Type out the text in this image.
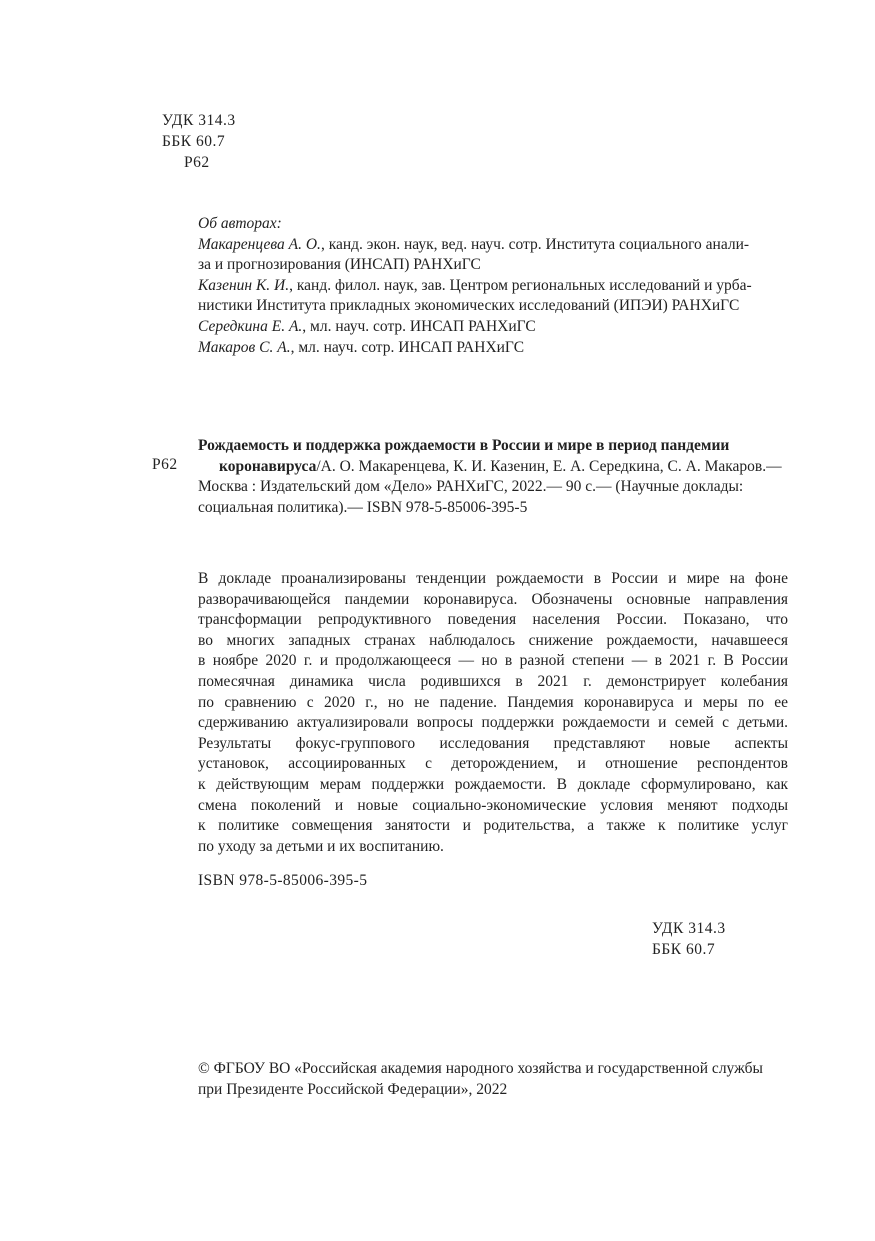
УДК 314.3
ББК 60.7
Р62
Об авторах:
Макаренцева А. О., канд. экон. наук, вед. науч. сотр. Института социального анали-
за и прогнозирования (ИНСАП) РАНХиГС
Казенин К. И., канд. филол. наук, зав. Центром региональных исследований и урба-
нистики Института прикладных экономических исследований (ИПЭИ) РАНХиГС
Середкина Е. А., мл. науч. сотр. ИНСАП РАНХиГС
Макаров С. А., мл. науч. сотр. ИНСАП РАНХиГС
Р62
Рождаемость и поддержка рождаемости в России и мире в период пандемии
коронавируса/А. О. Макаренцева, К. И. Казенин, Е. А. Середкина, С. А. Макаров.—
Москва : Издательский дом «Дело» РАНХиГС, 2022.— 90 с.— (Научные доклады:
социальная политика).— ISBN 978-5-85006-395-5
В докладе проанализированы тенденции рождаемости в России и мире на фоне
разворачивающейся пандемии коронавируса. Обозначены основные направления
трансформации репродуктивного поведения населения России. Показано, что
во многих западных странах наблюдалось снижение рождаемости, начавшееся
в ноябре 2020 г. и продолжающееся — но в разной степени — в 2021 г. В России
помесячная динамика числа родившихся в 2021 г. демонстрирует колебания
по сравнению с 2020 г., но не падение. Пандемия коронавируса и меры по ее
сдерживанию актуализировали вопросы поддержки рождаемости и семей с детьми.
Результаты фокус-группового исследования представляют новые аспекты
установок, ассоциированных с деторождением, и отношение респондентов
к действующим мерам поддержки рождаемости. В докладе сформулировано, как
смена поколений и новые социально-экономические условия меняют подходы
к политике совмещения занятости и родительства, а также к политике услуг
по уходу за детьми и их воспитанию.
ISBN 978-5-85006-395-5
УДК 314.3
ББК 60.7
© ФГБОУ ВО «Российская академия народного хозяйства и государственной службы
при Президенте Российской Федерации», 2022
